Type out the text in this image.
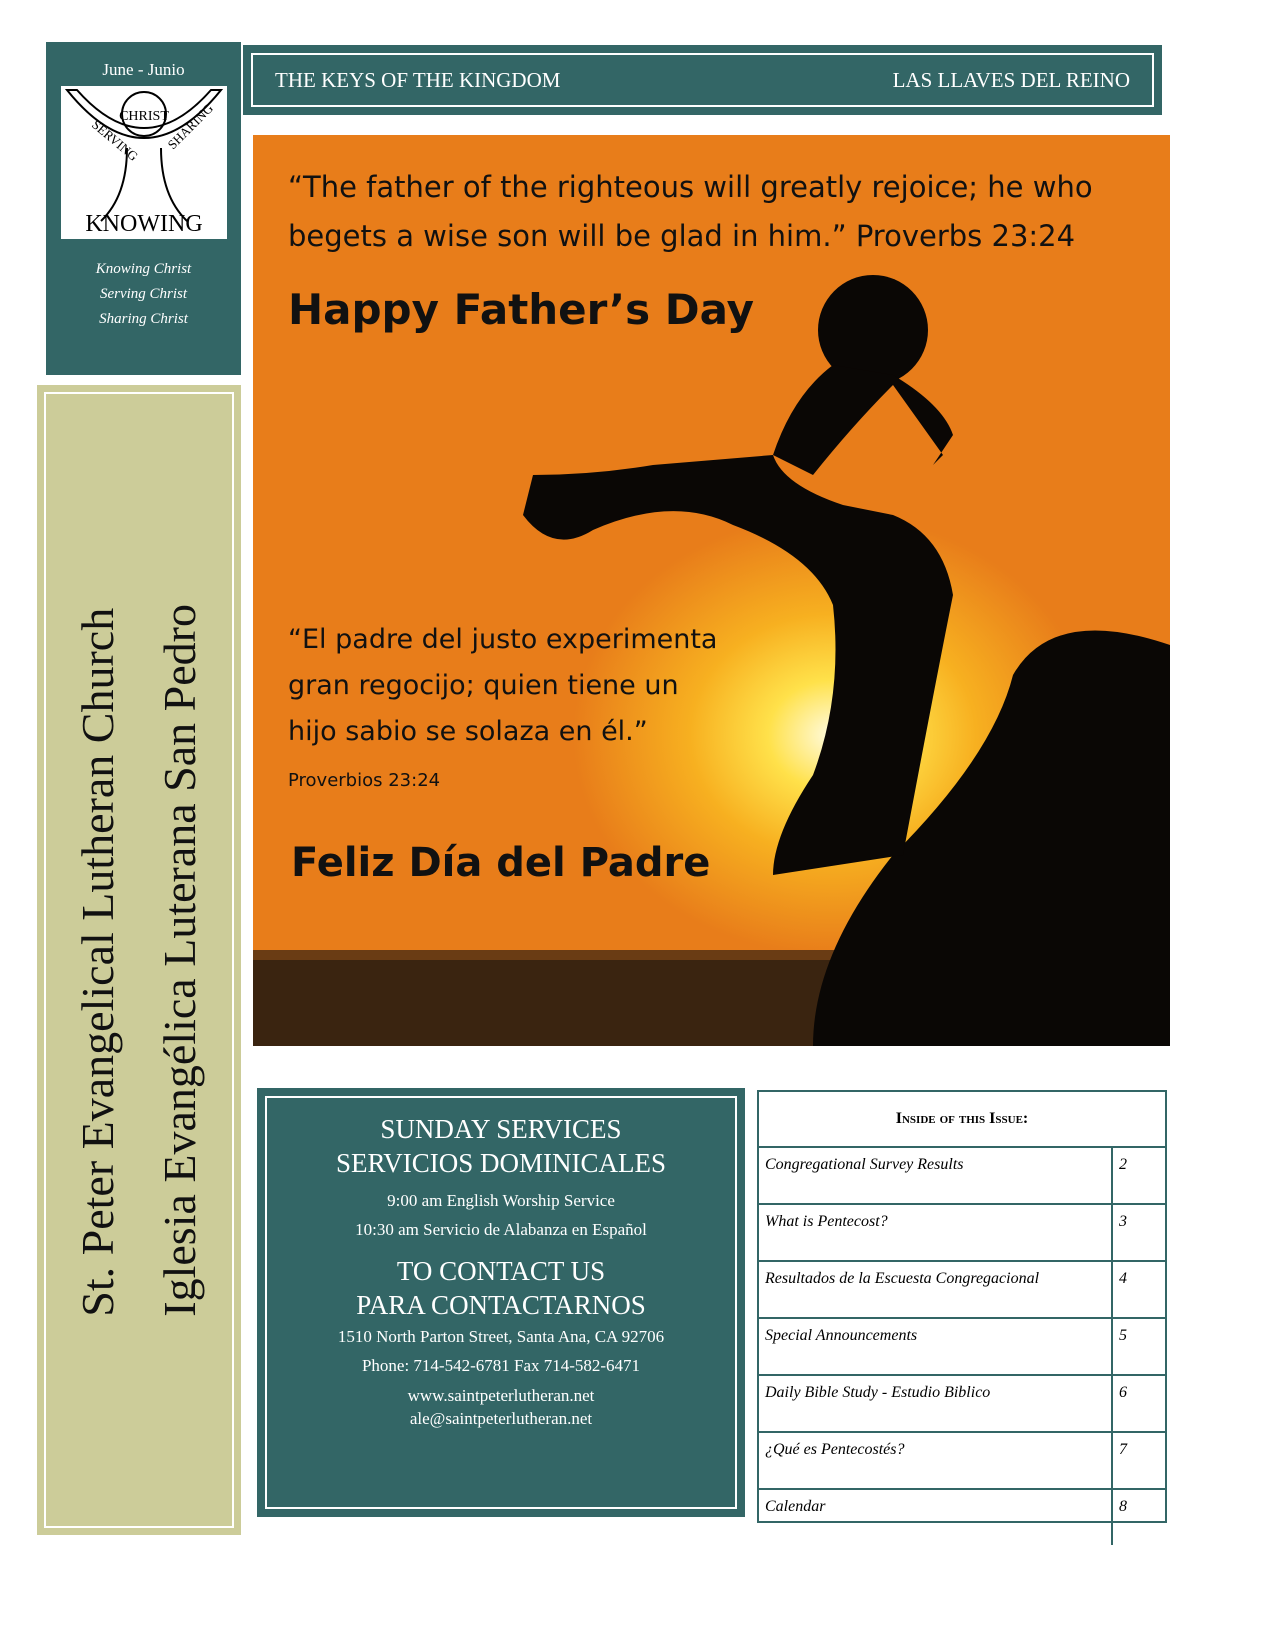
June - Junio
CHRIST
SERVING SHARING
KNOWING
Knowing Christ
Serving Christ
Sharing Christ
THE KEYS OF THE KINGDOM	LAS LLAVES DEL REINO
“The father of the righteous will greatly rejoice; he who begets a wise son will be glad in him.” Proverbs 23:24
Happy Father’s Day
“El padre del justo experimenta gran regocijo; quien tiene un hijo sabio se solaza en él.” Proverbios 23:24
Feliz Día del Padre
St. Peter Evangelical Lutheran Church Iglesia Evangélica Luterana San Pedro	SUNDAY SERVICES
SERVICIOS DOMINICALES
9:00 am English Worship Service
10:30 am Servicio de Alabanza en Español
TO CONTACT US
PARA CONTACTARNOS
1510 North Parton Street, Santa Ana, CA 92706
Phone: 714-542-6781 Fax 714-582-6471
www.saintpeterlutheran.net
ale@saintpeterlutheran.net
Inside of this Issue:
Congregational Survey Results	2
What is Pentecost?	3
Resultados de la Escuesta Congregacional	4
Special Announcements	5
Daily Bible Study - Estudio Biblico	6
¿Qué es Pentecostés?	7
Calendar	8
